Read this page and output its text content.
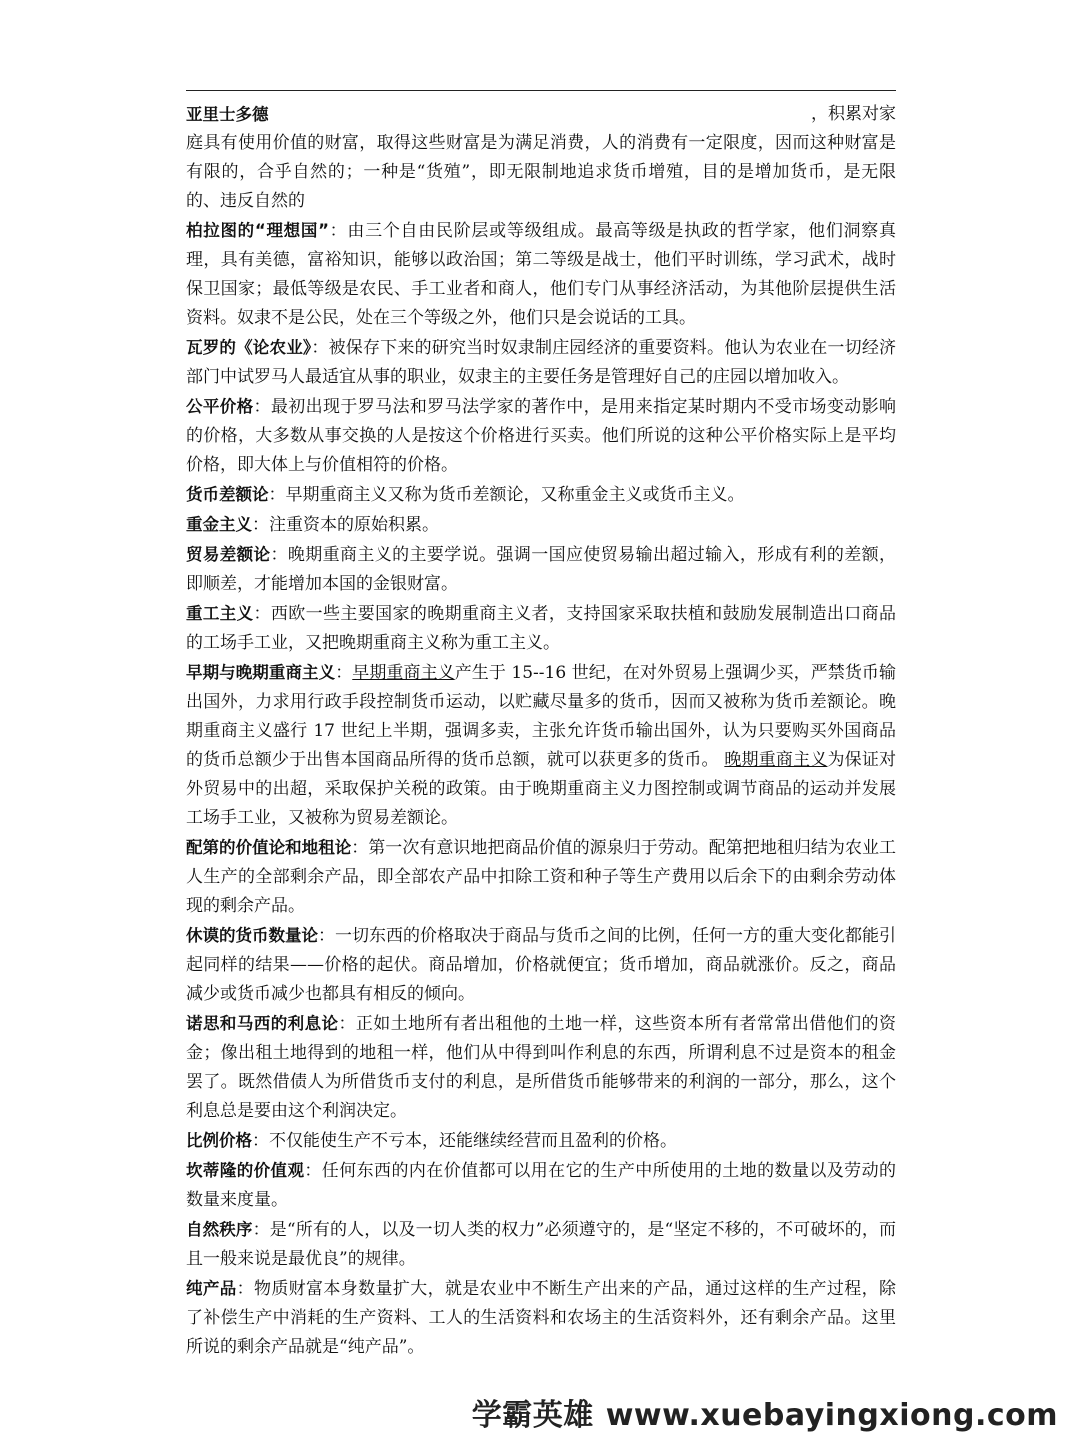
亚里士多德	，积累对家
庭具有使用价值的财富，取得这些财富是为满足消费，人的消费有一定限度，因而这种财富是有限的，合乎自然的；一种是“货殖”，即无限制地追求货币增殖，目的是增加货币，是无限的、违反自然的

柏拉图的“理想国”：由三个自由民阶层或等级组成。最高等级是执政的哲学家，他们洞察真理，具有美德，富裕知识，能够以政治国；第二等级是战士，他们平时训练，学习武术，战时保卫国家；最低等级是农民、手工业者和商人，他们专门从事经济活动，为其他阶层提供生活资料。奴隶不是公民，处在三个等级之外，他们只是会说话的工具。

瓦罗的《论农业》：被保存下来的研究当时奴隶制庄园经济的重要资料。他认为农业在一切经济部门中试罗马人最适宜从事的职业，奴隶主的主要任务是管理好自己的庄园以增加收入。

公平价格：最初出现于罗马法和罗马法学家的著作中，是用来指定某时期内不受市场变动影响的价格，大多数从事交换的人是按这个价格进行买卖。他们所说的这种公平价格实际上是平均价格，即大体上与价值相符的价格。

货币差额论：早期重商主义又称为货币差额论，又称重金主义或货币主义。

重金主义：注重资本的原始积累。

贸易差额论：晚期重商主义的主要学说。强调一国应使贸易输出超过输入，形成有利的差额，即顺差，才能增加本国的金银财富。

重工主义：西欧一些主要国家的晚期重商主义者，支持国家采取扶植和鼓励发展制造出口商品的工场手工业，又把晚期重商主义称为重工主义。

早期与晚期重商主义：早期重商主义产生于 15--16 世纪，在对外贸易上强调少买，严禁货币输出国外，力求用行政手段控制货币运动，以贮藏尽量多的货币，因而又被称为货币差额论。晚期重商主义盛行 17 世纪上半期，强调多卖，主张允许货币输出国外，认为只要购买外国商品的货币总额少于出售本国商品所得的货币总额，就可以获更多的货币。 晚期重商主义为保证对外贸易中的出超，采取保护关税的政策。由于晚期重商主义力图控制或调节商品的运动并发展工场手工业，又被称为贸易差额论。

配第的价值论和地租论：第一次有意识地把商品价值的源泉归于劳动。配第把地租归结为农业工人生产的全部剩余产品，即全部农产品中扣除工资和种子等生产费用以后余下的由剩余劳动体现的剩余产品。

休谟的货币数量论：一切东西的价格取决于商品与货币之间的比例，任何一方的重大变化都能引起同样的结果——价格的起伏。商品增加，价格就便宜；货币增加，商品就涨价。反之，商品减少或货币减少也都具有相反的倾向。

诺思和马西的利息论：正如土地所有者出租他的土地一样，这些资本所有者常常出借他们的资金；像出租土地得到的地租一样，他们从中得到叫作利息的东西，所谓利息不过是资本的租金罢了。既然借债人为所借货币支付的利息，是所借货币能够带来的利润的一部分，那么，这个利息总是要由这个利润决定。

比例价格：不仅能使生产不亏本，还能继续经营而且盈利的价格。

坎蒂隆的价值观：任何东西的内在价值都可以用在它的生产中所使用的土地的数量以及劳动的数量来度量。

自然秩序：是“所有的人，以及一切人类的权力”必须遵守的，是“坚定不移的，不可破坏的，而且一般来说是最优良”的规律。

纯产品：物质财富本身数量扩大，就是农业中不断生产出来的产品，通过这样的生产过程，除了补偿生产中消耗的生产资料、工人的生活资料和农场主的生活资料外，还有剩余产品。这里所说的剩余产品就是“纯产品”。

学霸英雄 www.xuebayingxiong.com
